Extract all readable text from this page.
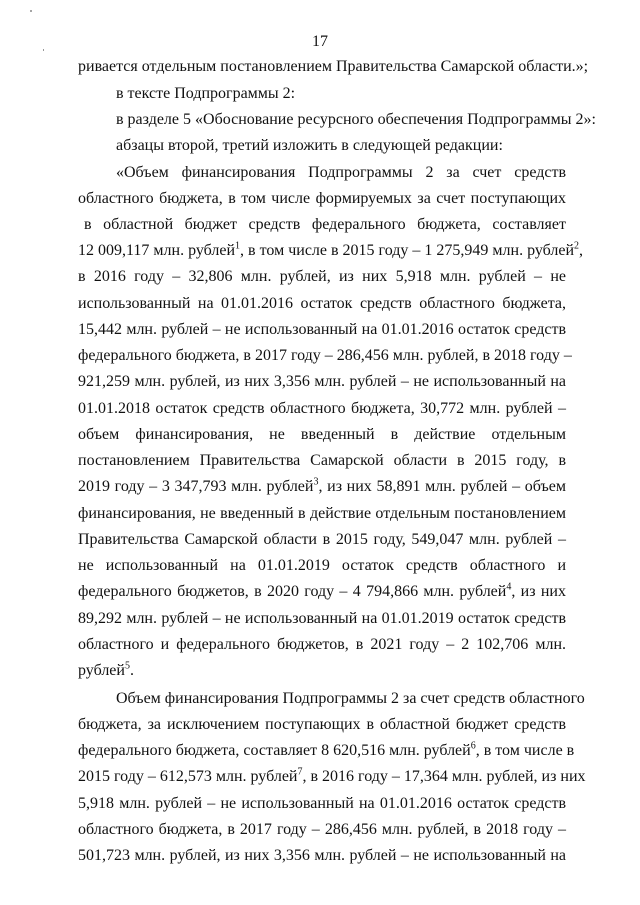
17
ривается отдельным постановлением Правительства Самарской области.»;
в тексте Подпрограммы 2:
в разделе 5 «Обоснование ресурсного обеспечения Подпрограммы 2»:
абзацы второй, третий изложить в следующей редакции:
«Объем финансирования Подпрограммы 2 за счет средств
областного бюджета, в том числе формируемых за счет поступающих
в областной бюджет средств федерального бюджета, составляет
12 009,117 млн. рублей$^1$, в том числе в 2015 году – 1 275,949 млн. рублей$^2$,
в 2016 году – 32,806 млн. рублей, из них 5,918 млн. рублей – не
использованный на 01.01.2016 остаток средств областного бюджета,
15,442 млн. рублей – не использованный на 01.01.2016 остаток средств
федерального бюджета, в 2017 году – 286,456 млн. рублей, в 2018 году –
921,259 млн. рублей, из них 3,356 млн. рублей – не использованный на
01.01.2018 остаток средств областного бюджета, 30,772 млн. рублей –
объем финансирования, не введенный в действие отдельным
постановлением Правительства Самарской области в 2015 году, в
2019 году – 3 347,793 млн. рублей$^3$, из них 58,891 млн. рублей – объем
финансирования, не введенный в действие отдельным постановлением
Правительства Самарской области в 2015 году, 549,047 млн. рублей –
не использованный на 01.01.2019 остаток средств областного и
федерального бюджетов, в 2020 году – 4 794,866 млн. рублей$^4$, из них
89,292 млн. рублей – не использованный на 01.01.2019 остаток средств
областного и федерального бюджетов, в 2021 году – 2 102,706 млн.
рублей$^5$.
Объем финансирования Подпрограммы 2 за счет средств областного
бюджета, за исключением поступающих в областной бюджет средств
федерального бюджета, составляет 8 620,516 млн. рублей$^6$, в том числе в
2015 году – 612,573 млн. рублей$^7$, в 2016 году – 17,364 млн. рублей, из них
5,918 млн. рублей – не использованный на 01.01.2016 остаток средств
областного бюджета, в 2017 году – 286,456 млн. рублей, в 2018 году –
501,723 млн. рублей, из них 3,356 млн. рублей – не использованный на
